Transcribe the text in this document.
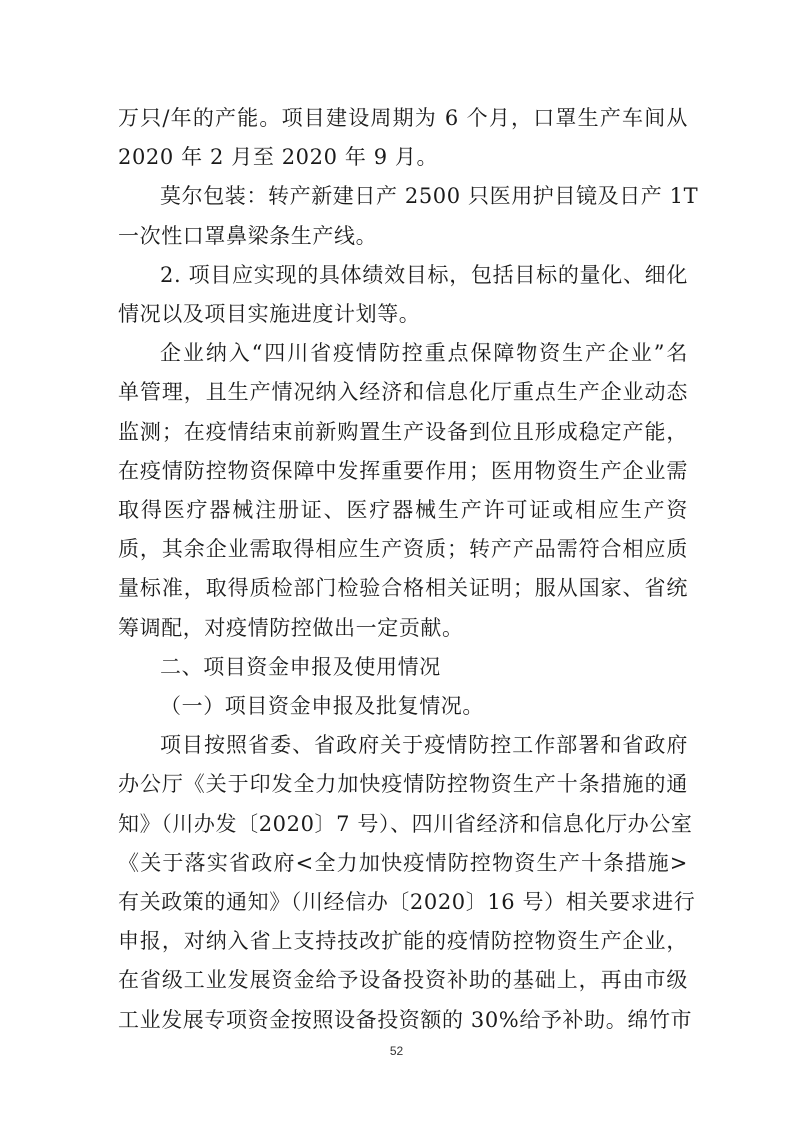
万只/年的产能。项目建设周期为 6 个月，口罩生产车间从
2020 年 2 月至 2020 年 9 月。
莫尔包装：转产新建日产 2500 只医用护目镜及日产 1T
一次性口罩鼻梁条生产线。
2. 项目应实现的具体绩效目标，包括目标的量化、细化
情况以及项目实施进度计划等。
企业纳入“四川省疫情防控重点保障物资生产企业”名
单管理，且生产情况纳入经济和信息化厅重点生产企业动态
监测；在疫情结束前新购置生产设备到位且形成稳定产能，
在疫情防控物资保障中发挥重要作用；医用物资生产企业需
取得医疗器械注册证、医疗器械生产许可证或相应生产资
质，其余企业需取得相应生产资质；转产产品需符合相应质
量标准，取得质检部门检验合格相关证明；服从国家、省统
筹调配，对疫情防控做出一定贡献。
二、项目资金申报及使用情况
（一）项目资金申报及批复情况。
项目按照省委、省政府关于疫情防控工作部署和省政府
办公厅《关于印发全力加快疫情防控物资生产十条措施的通
知》（川办发〔2020〕7 号）、四川省经济和信息化厅办公室
《关于落实省政府<全力加快疫情防控物资生产十条措施>
有关政策的通知》（川经信办〔2020〕16 号）相关要求进行
申报，对纳入省上支持技改扩能的疫情防控物资生产企业，
在省级工业发展资金给予设备投资补助的基础上，再由市级
工业发展专项资金按照设备投资额的 30%给予补助。绵竹市
52
